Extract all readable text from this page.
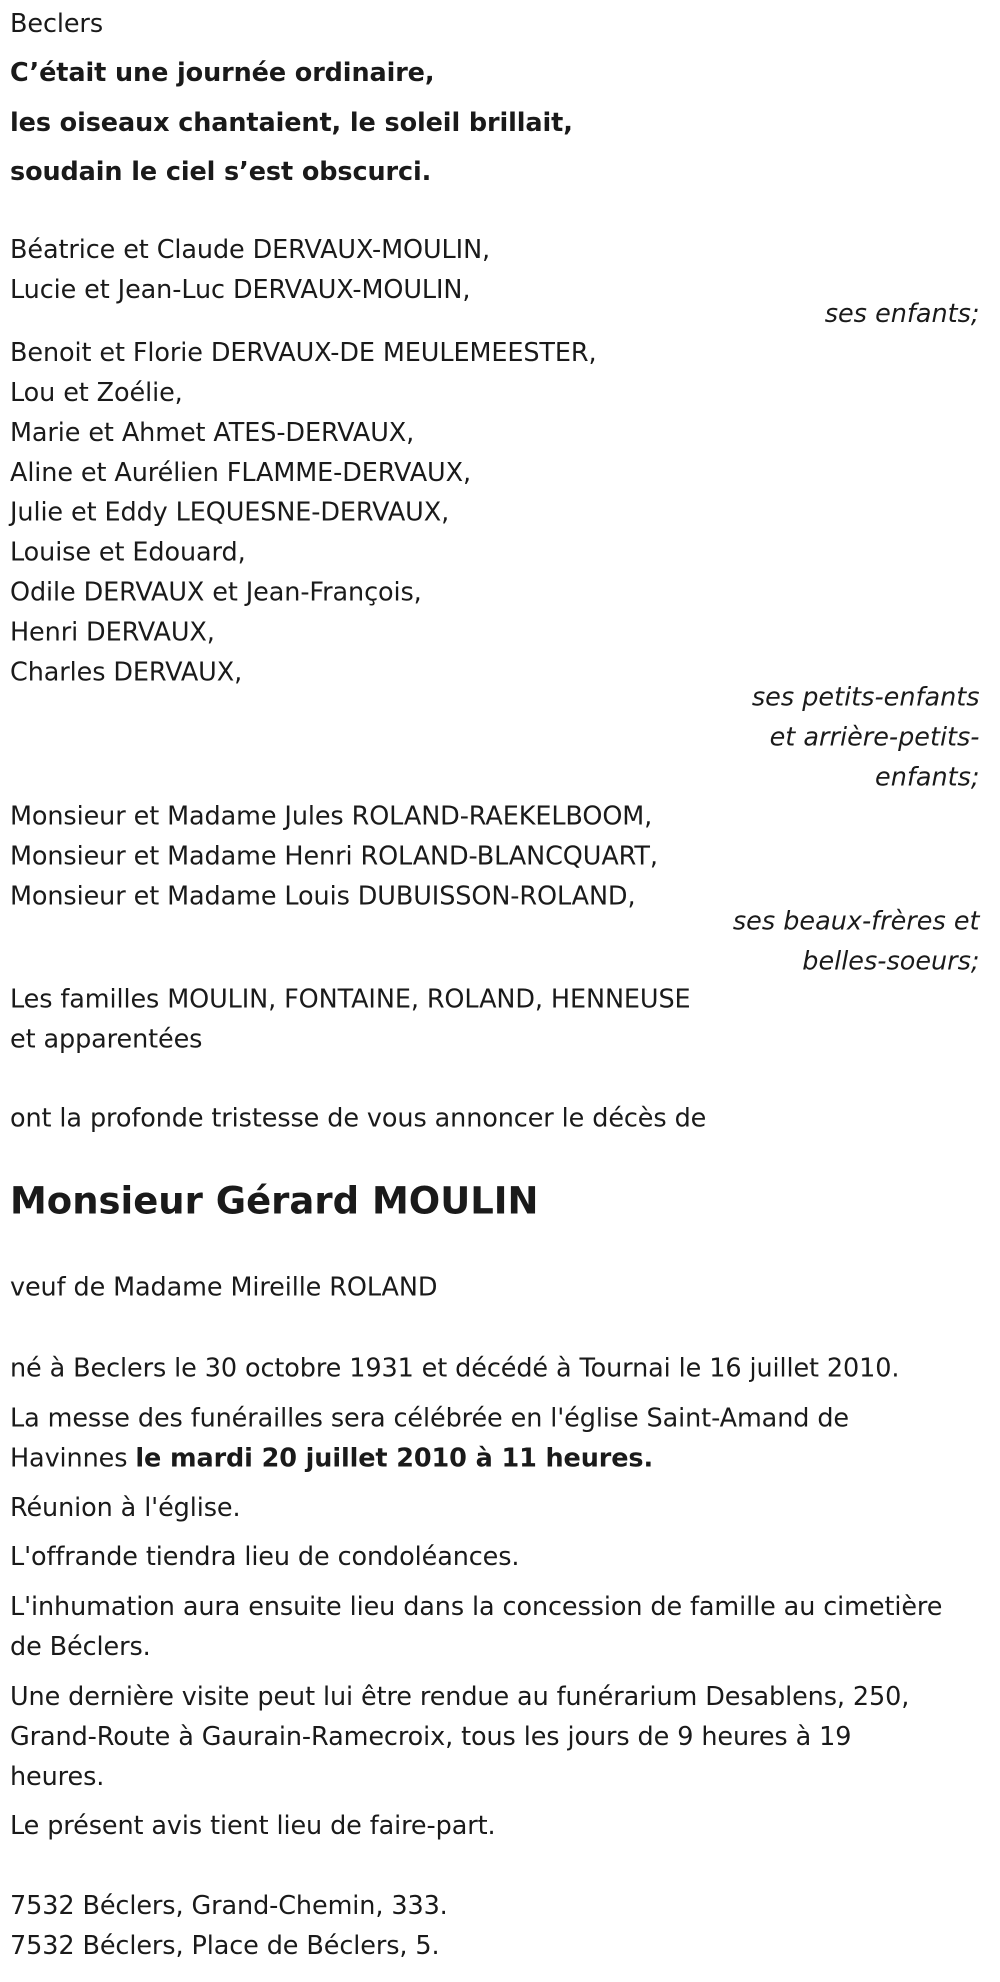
Beclers
C’était une journée ordinaire,
les oiseaux chantaient, le soleil brillait,
soudain le ciel s’est obscurci.
Béatrice et Claude DERVAUX-MOULIN,
Lucie et Jean-Luc DERVAUX-MOULIN,
ses enfants;
Benoit et Florie DERVAUX-DE MEULEMEESTER,
Lou et Zoélie,
Marie et Ahmet ATES-DERVAUX,
Aline et Aurélien FLAMME-DERVAUX,
Julie et Eddy LEQUESNE-DERVAUX,
Louise et Edouard,
Odile DERVAUX et Jean-François,
Henri DERVAUX,
Charles DERVAUX,
ses petits-enfants
et arrière-petits-
enfants;
Monsieur et Madame Jules ROLAND-RAEKELBOOM,
Monsieur et Madame Henri ROLAND-BLANCQUART,
Monsieur et Madame Louis DUBUISSON-ROLAND,
ses beaux-frères et
belles-soeurs;
Les familles MOULIN, FONTAINE, ROLAND, HENNEUSE
et apparentées
ont la profonde tristesse de vous annoncer le décès de
Monsieur Gérard MOULIN
veuf de Madame Mireille ROLAND
né à Beclers le 30 octobre 1931 et décédé à Tournai le 16 juillet 2010.
La messe des funérailles sera célébrée en l'église Saint-Amand de
Havinnes le mardi 20 juillet 2010 à 11 heures.
Réunion à l'église.
L'offrande tiendra lieu de condoléances.
L'inhumation aura ensuite lieu dans la concession de famille au cimetière
de Béclers.
Une dernière visite peut lui être rendue au funérarium Desablens, 250,
Grand-Route à Gaurain-Ramecroix, tous les jours de 9 heures à 19
heures.
Le présent avis tient lieu de faire-part.
7532 Béclers, Grand-Chemin, 333.
7532 Béclers, Place de Béclers, 5.
